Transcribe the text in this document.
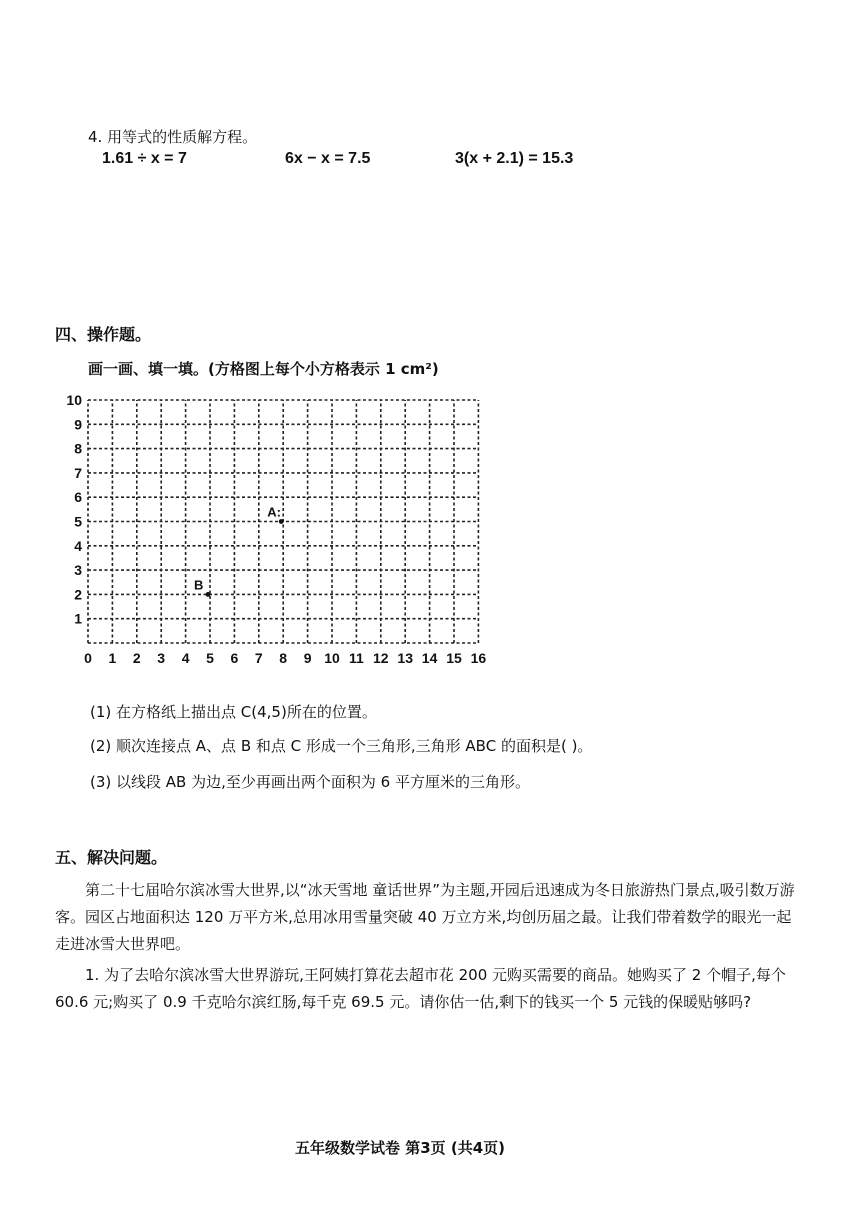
4. 用等式的性质解方程。
1.61 ÷ x = 7	6x − x = 7.5	3(x + 2.1) = 15.3
四、操作题。
画一画、填一填。(方格图上每个小方格表示 1 cm²)
0 1 2 3 4 5 6 7 8 9 10 11 12 13 14 15 16
1
2
3
4
5
6
7
8
9
10
A:
B
(1) 在方格纸上描出点 C(4,5)所在的位置。
(2) 顺次连接点 A、点 B 和点 C 形成一个三角形,三角形 ABC 的面积是( )。
(3) 以线段 AB 为边,至少再画出两个面积为 6 平方厘米的三角形。
五、解决问题。
第二十七届哈尔滨冰雪大世界,以“冰天雪地 童话世界”为主题,开园后迅速成为冬日旅游热门景点,吸引数万游客。园区占地面积达 120 万平方米,总用冰用雪量突破 40 万立方米,均创历届之最。让我们带着数学的眼光一起走进冰雪大世界吧。
1. 为了去哈尔滨冰雪大世界游玩,王阿姨打算花去超市花 200 元购买需要的商品。她购买了 2 个帽子,每个 60.6 元;购买了 0.9 千克哈尔滨红肠,每千克 69.5 元。请你估一估,剩下的钱买一个 5 元钱的保暖贴够吗?
五年级数学试卷 第3页 (共4页)
